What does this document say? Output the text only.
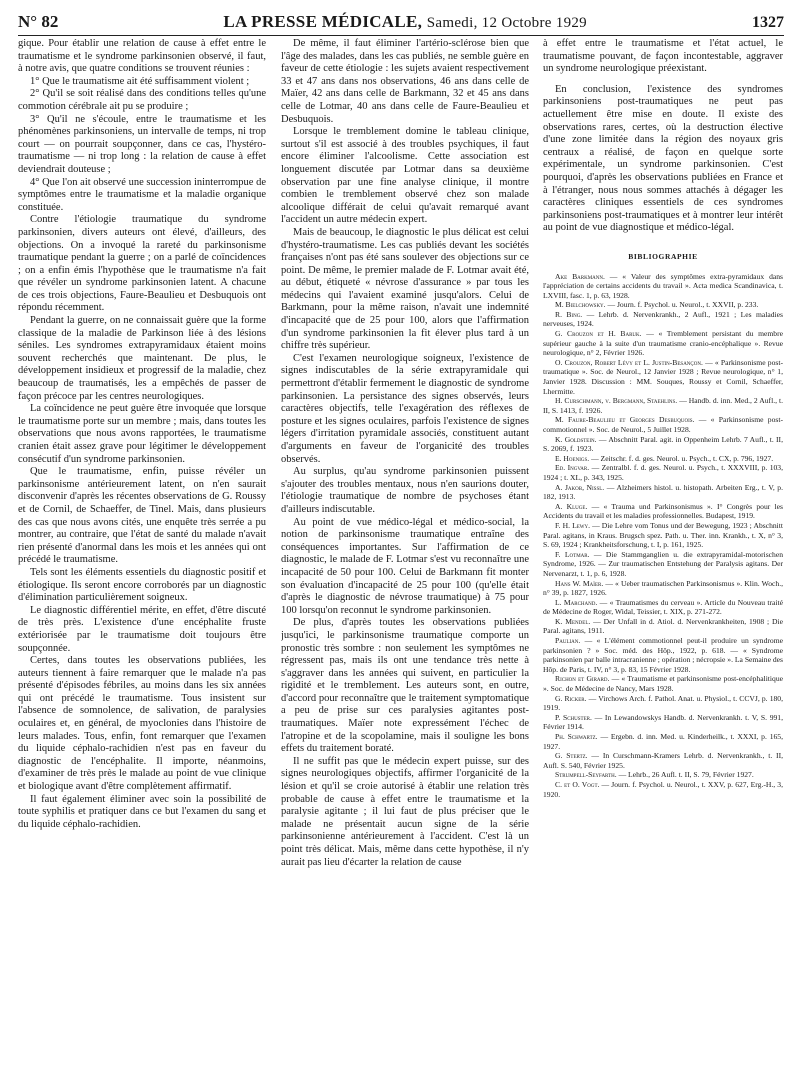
N° 82	LA PRESSE MÉDICALE, Samedi, 12 Octobre 1929	1327

gique. Pour établir une relation de cause à effet entre le traumatisme et le syndrome parkinsonien observé, il faut, à notre avis, que quatre conditions se trouvent réunies :

1° Que le traumatisme ait été suffisamment violent ;

2° Qu'il se soit réalisé dans des conditions telles qu'une commotion cérébrale ait pu se produire ;

3° Qu'il ne s'écoule, entre le traumatisme et les phénomènes parkinsoniens, un intervalle de temps, ni trop court — on pourrait soupçonner, dans ce cas, l'hystéro-traumatisme — ni trop long : la relation de cause à effet deviendrait douteuse ;

4° Que l'on ait observé une succession ininterrompue de symptômes entre le traumatisme et la maladie organique constituée.

Contre l'étiologie traumatique du syndrome parkinsonien, divers auteurs ont élevé, d'ailleurs, des objections. On a invoqué la rareté du parkinsonisme traumatique pendant la guerre ; on a parlé de coïncidences ; on a enfin émis l'hypothèse que le traumatisme n'a fait que révéler un syndrome parkinsonien latent. A chacune de ces trois objections, Faure-Beaulieu et Desbuquois ont répondu récemment.

Pendant la guerre, on ne connaissait guère que la forme classique de la maladie de Parkinson liée à des lésions séniles. Les syndromes extrapyramidaux étaient moins souvent recherchés que maintenant. De plus, le développement insidieux et progressif de la maladie, chez beaucoup de traumatisés, les a empêchés de passer de façon précoce par les centres neurologiques.

La coïncidence ne peut guère être invoquée que lorsque le traumatisme porte sur un membre ; mais, dans toutes les observations que nous avons rapportées, le traumatisme cranien était assez grave pour légitimer le développement consécutif d'un syndrome parkinsonien.

Que le traumatisme, enfin, puisse révéler un parkinsonisme antérieurement latent, on n'en saurait disconvenir d'après les récentes observations de G. Roussy et de Cornil, de Schaeffer, de Tinel. Mais, dans plusieurs des cas que nous avons cités, une enquête très serrée a pu montrer, au contraire, que l'état de santé du malade n'avait rien présenté d'anormal dans les mois et les années qui ont précédé le traumatisme.

Tels sont les éléments essentiels du diagnostic positif et étiologique. Ils seront encore corroborés par un diagnostic d'élimination particulièrement soigneux.

Le diagnostic différentiel mérite, en effet, d'être discuté de très près. L'existence d'une encéphalite fruste extériorisée par le traumatisme doit toujours être soupçonnée.

Certes, dans toutes les observations publiées, les auteurs tiennent à faire remarquer que le malade n'a pas présenté d'épisodes fébriles, au moins dans les six années qui ont précédé le traumatisme. Tous insistent sur l'absence de somnolence, de salivation, de paralysies oculaires et, en général, de myoclonies dans l'histoire de leurs malades. Tous, enfin, font remarquer que l'examen du liquide céphalo-rachidien n'est pas en faveur du diagnostic de l'encéphalite. Il importe, néanmoins, d'examiner de très près le malade au point de vue clinique et biologique avant d'être complètement affirmatif.

Il faut également éliminer avec soin la possibilité de toute syphilis et pratiquer dans ce but l'examen du sang et du liquide céphalo-rachidien.

De même, il faut éliminer l'artério-sclérose bien que l'âge des malades, dans les cas publiés, ne semble guère en faveur de cette étiologie : les sujets avaient respectivement 33 et 47 ans dans nos observations, 46 ans dans celle de Maïer, 42 ans dans celle de Barkmann, 32 et 45 ans dans celle de Lotmar, 40 ans dans celle de Faure-Beaulieu et Desbuquois.

Lorsque le tremblement domine le tableau clinique, surtout s'il est associé à des troubles psychiques, il faut encore éliminer l'alcoolisme. Cette association est longuement discutée par Lotmar dans sa deuxième observation par une fine analyse clinique, il montre combien le tremblement observé chez son malade alcoolique différait de celui qu'avait remarqué avant l'accident un autre médecin expert.

Mais de beaucoup, le diagnostic le plus délicat est celui d'hystéro-traumatisme. Les cas publiés devant les sociétés françaises n'ont pas été sans soulever des objections sur ce point. De même, le premier malade de F. Lotmar avait été, au début, étiqueté « névrose d'assurance » par tous les médecins qui l'avaient examiné jusqu'alors. Celui de Barkmann, pour la même raison, n'avait une indemnité d'incapacité que de 25 pour 100, alors que l'affirmation d'un syndrome parkinsonien la fit élever plus tard à un chiffre très supérieur.

C'est l'examen neurologique soigneux, l'existence de signes indiscutables de la série extrapyramidale qui permettront d'établir fermement le diagnostic de syndrome parkinsonien. La persistance des signes observés, leurs caractères objectifs, telle l'exagération des réflexes de posture et les signes oculaires, parfois l'existence de signes légers d'irritation pyramidale associés, constituent autant d'arguments en faveur de l'organicité des troubles observés.

Au surplus, qu'au syndrome parkinsonien puissent s'ajouter des troubles mentaux, nous n'en saurions douter, l'étiologie traumatique de nombre de psychoses étant d'ailleurs indiscutable.

Au point de vue médico-légal et médico-social, la notion de parkinsonisme traumatique entraîne des conséquences importantes. Sur l'affirmation de ce diagnostic, le malade de F. Lotmar s'est vu reconnaître une incapacité de 50 pour 100. Celui de Barkmann fit monter son évaluation d'incapacité de 25 pour 100 (qu'elle était d'après le diagnostic de névrose traumatique) à 75 pour 100 lorsqu'on reconnut le syndrome parkinsonien.

De plus, d'après toutes les observations publiées jusqu'ici, le parkinsonisme traumatique comporte un pronostic très sombre : non seulement les symptômes ne régressent pas, mais ils ont une tendance très nette à s'aggraver dans les années qui suivent, en particulier la rigidité et le tremblement. Les auteurs sont, en outre, d'accord pour reconnaître que le traitement symptomatique a peu de prise sur ces paralysies agitantes post-traumatiques. Maïer note expressément l'échec de l'atropine et de la scopolamine, mais il souligne les bons effets du traitement boraté.

Il ne suffit pas que le médecin expert puisse, sur des signes neurologiques objectifs, affirmer l'organicité de la lésion et qu'il se croie autorisé à établir une relation très probable de cause à effet entre le traumatisme et la paralysie agitante ; il lui faut de plus préciser que le malade ne présentait aucun signe de la série parkinsonienne antérieurement à l'accident. C'est là un point très délicat. Mais, même dans cette hypothèse, il n'y aurait pas lieu d'écarter la relation de cause

à effet entre le traumatisme et l'état actuel, le traumatisme pouvant, de façon incontestable, aggraver un syndrome neurologique préexistant.

En conclusion, l'existence des syndromes parkinsoniens post-traumatiques ne peut pas actuellement être mise en doute. Il existe des observations rares, certes, où la destruction élective d'une zone limitée dans la région des noyaux gris centraux a réalisé, de façon en quelque sorte expérimentale, un syndrome parkinsonien. C'est pourquoi, d'après les observations publiées en France et à l'étranger, nous nous sommes attachés à dégager les caractères cliniques essentiels de ces syndromes parkinsoniens post-traumatiques et à montrer leur intérêt au point de vue diagnostique et médico-légal.

BIBLIOGRAPHIE

Ake Barkmann. — « Valeur des symptômes extra-pyramidaux dans l'appréciation de certains accidents du travail ». Acta medica Scandinavica, t. LXVIII, fasc. 1, p. 63, 1928.

M. Bielchowsky. — Journ. f. Psychol. u. Neurol., t. XXVII, p. 233.

R. Bing. — Lehrb. d. Nervenkrankh., 2 Aufl., 1921 ; Les maladies nerveuses, 1924.

G. Crouzon et H. Baruk. — « Tremblement persistant du membre supérieur gauche à la suite d'un traumatisme cranio-encéphalique ». Revue neurologique, n° 2, Février 1926.

O. Crouzon, Robert Lévy et L. Justin-Besançon. — « Parkinsonisme post-traumatique ». Soc. de Neurol., 12 Janvier 1928 ; Revue neurologique, n° 1, Janvier 1928. Discussion : MM. Souques, Roussy et Cornil, Schaeffer, Lhermitte.

H. Curschmann, v. Bergmann, Staehlins. — Handb. d. inn. Med., 2 Aufl., t. II, S. 1413, f. 1926.

M. Faure-Beaulieu et Georges Desbuquois. — « Parkinsonisme post-commotionnel ». Soc. de Neurol., 5 Juillet 1928.

K. Goldstein. — Abschnitt Paral. agit. in Oppenheim Lehrb. 7 Aufl., t. II, S. 2069, f. 1923.

E. Hoenigs. — Zeitschr. f. d. ges. Neurol. u. Psych., t. CX, p. 796, 1927.

Ed. Ingvar. — Zentralbl. f. d. ges. Neurol. u. Psych., t. XXXVIII, p. 103, 1924 ; t. XL, p. 343, 1925.

A. Jakob, Nissl. — Alzheimers histol. u. histopath. Arbeiten Erg., t. V, p. 182, 1913.

A. Kluge. — « Trauma und Parkinsonismus ». I° Congrès pour les Accidents du travail et les maladies professionnelles. Budapest, 1919.

F. H. Lewy. — Die Lehre vom Tonus und der Bewegung, 1923 ; Abschnitt Paral. agitans, in Kraus. Brugsch spez. Path. u. Ther. inn. Krankh., t. X, n° 3, S. 69, 1924 ; Krankheitsforschung, t. I, p. 161, 1925.

F. Lotmar. — Die Stammganglien u. die extrapyramidal-motorischen Syndrome, 1926. — Zur traumatischen Entstehung der Paralysis agitans. Der Nervenarzt, t. 1, p. 6, 1928.

Hans W. Maïer. — « Ueber traumatischen Parkinsonismus ». Klin. Woch., n° 39, p. 1827, 1926.

L. Marchand. — « Traumatismes du cerveau ». Article du Nouveau traité de Médecine de Roger, Widal, Teissier, t. XIX, p. 271-272.

K. Mendel. — Der Unfall in d. Atiol. d. Nervenkrankheiten, 1908 ; Die Paral. agitans, 1911.

Paulian. — « L'élément commotionnel peut-il produire un syndrome parkinsonien ? » Soc. méd. des Hôp., 1922, p. 618. — « Syndrome parkinsonien par balle intracranienne ; opération ; nécropsie ». La Semaine des Hôp. de Paris, t. IV, n° 3, p. 83, 15 Février 1928.

Richon et Girard. — « Traumatisme et parkinsonisme post-encéphalitique ». Soc. de Médecine de Nancy, Mars 1928.

G. Ricker. — Virchows Arch. f. Pathol. Anat. u. Physiol., t. CCVJ, p. 180, 1919.

P. Schuster. — In Lewandowskys Handb. d. Nervenkrankh. t. V, S. 991, Février 1914.

Ph. Schwartz. — Ergebn. d. inn. Med. u. Kinderheilk., t. XXXI, p. 165, 1927.

G. Stertz. — In Curschmann-Kramers Lehrb. d. Nervenkrankh., t. II, Aufl. S. 540, Février 1925.

Strumpell-Seyfarth. — Lehrb., 26 Aufl. t. II, S. 79, Février 1927.

C. et O. Vogt. — Journ. f. Psychol. u. Neurol., t. XXV, p. 627, Erg.-H., 3, 1920.
